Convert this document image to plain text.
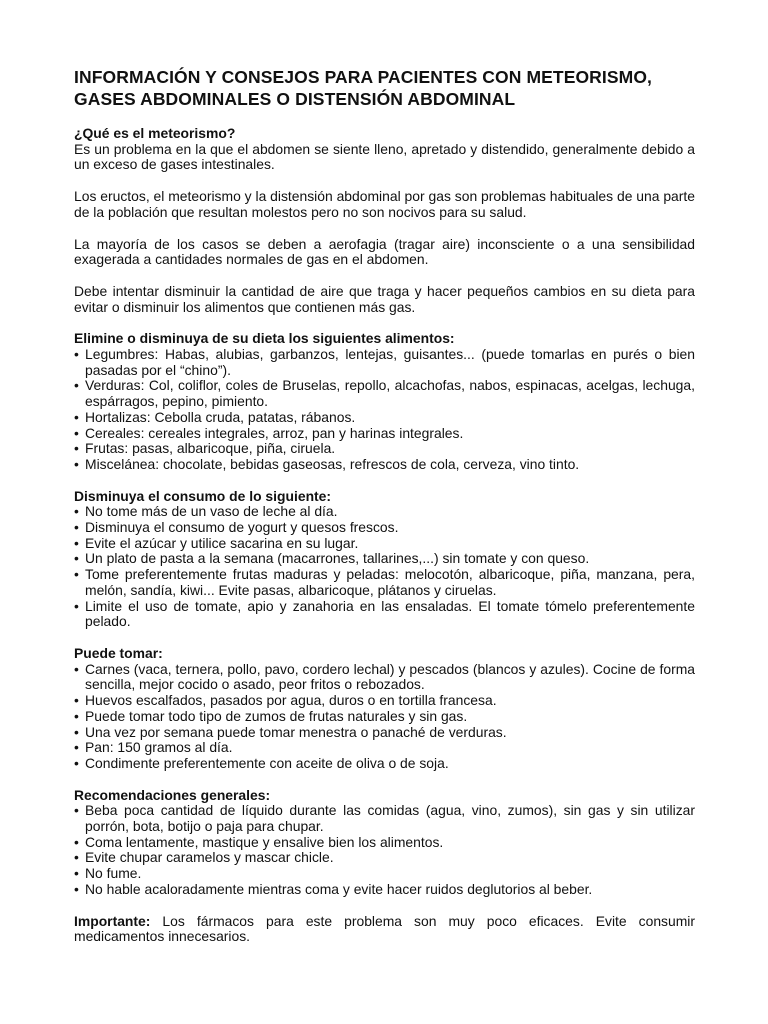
INFORMACIÓN Y CONSEJOS PARA PACIENTES CON METEORISMO,
GASES ABDOMINALES O DISTENSIÓN ABDOMINAL
¿Qué es el meteorismo?
Es un problema en la que el abdomen se siente lleno, apretado y distendido, generalmente debido a un exceso de gases intestinales.

Los eructos, el meteorismo y la distensión abdominal por gas son problemas habituales de una parte de la población que resultan molestos pero no son nocivos para su salud.

La mayoría de los casos se deben a aerofagia (tragar aire) inconsciente o a una sensibilidad exagerada a cantidades normales de gas en el abdomen.

Debe intentar disminuir la cantidad de aire que traga y hacer pequeños cambios en su dieta para evitar o disminuir los alimentos que contienen más gas.

Elimine o disminuya de su dieta los siguientes alimentos:
• Legumbres: Habas, alubias, garbanzos, lentejas, guisantes... (puede tomarlas en purés o bien pasadas por el “chino”).
• Verduras: Col, coliflor, coles de Bruselas, repollo, alcachofas, nabos, espinacas, acelgas, lechuga, espárragos, pepino, pimiento.
• Hortalizas: Cebolla cruda, patatas, rábanos.
• Cereales: cereales integrales, arroz, pan y harinas integrales.
• Frutas: pasas, albaricoque, piña, ciruela.
• Miscelánea: chocolate, bebidas gaseosas, refrescos de cola, cerveza, vino tinto.
Disminuya el consumo de lo siguiente:
• No tome más de un vaso de leche al día.
• Disminuya el consumo de yogurt y quesos frescos.
• Evite el azúcar y utilice sacarina en su lugar.
• Un plato de pasta a la semana (macarrones, tallarines,...) sin tomate y con queso.
• Tome preferentemente frutas maduras y peladas: melocotón, albaricoque, piña, manzana, pera, melón, sandía, kiwi... Evite pasas, albaricoque, plátanos y ciruelas.
• Limite el uso de tomate, apio y zanahoria en las ensaladas. El tomate tómelo preferentemente pelado.
Puede tomar:
• Carnes (vaca, ternera, pollo, pavo, cordero lechal) y pescados (blancos y azules). Cocine de forma sencilla, mejor cocido o asado, peor fritos o rebozados.
• Huevos escalfados, pasados por agua, duros o en tortilla francesa.
• Puede tomar todo tipo de zumos de frutas naturales y sin gas.
• Una vez por semana puede tomar menestra o panaché de verduras.
• Pan: 150 gramos al día.
• Condimente preferentemente con aceite de oliva o de soja.
Recomendaciones generales:
• Beba poca cantidad de líquido durante las comidas (agua, vino, zumos), sin gas y sin utilizar porrón, bota, botijo o paja para chupar.
• Coma lentamente, mastique y ensalive bien los alimentos.
• Evite chupar caramelos y mascar chicle.
• No fume.
• No hable acaloradamente mientras coma y evite hacer ruidos deglutorios al beber.

Importante: Los fármacos para este problema son muy poco eficaces. Evite consumir medicamentos innecesarios.
